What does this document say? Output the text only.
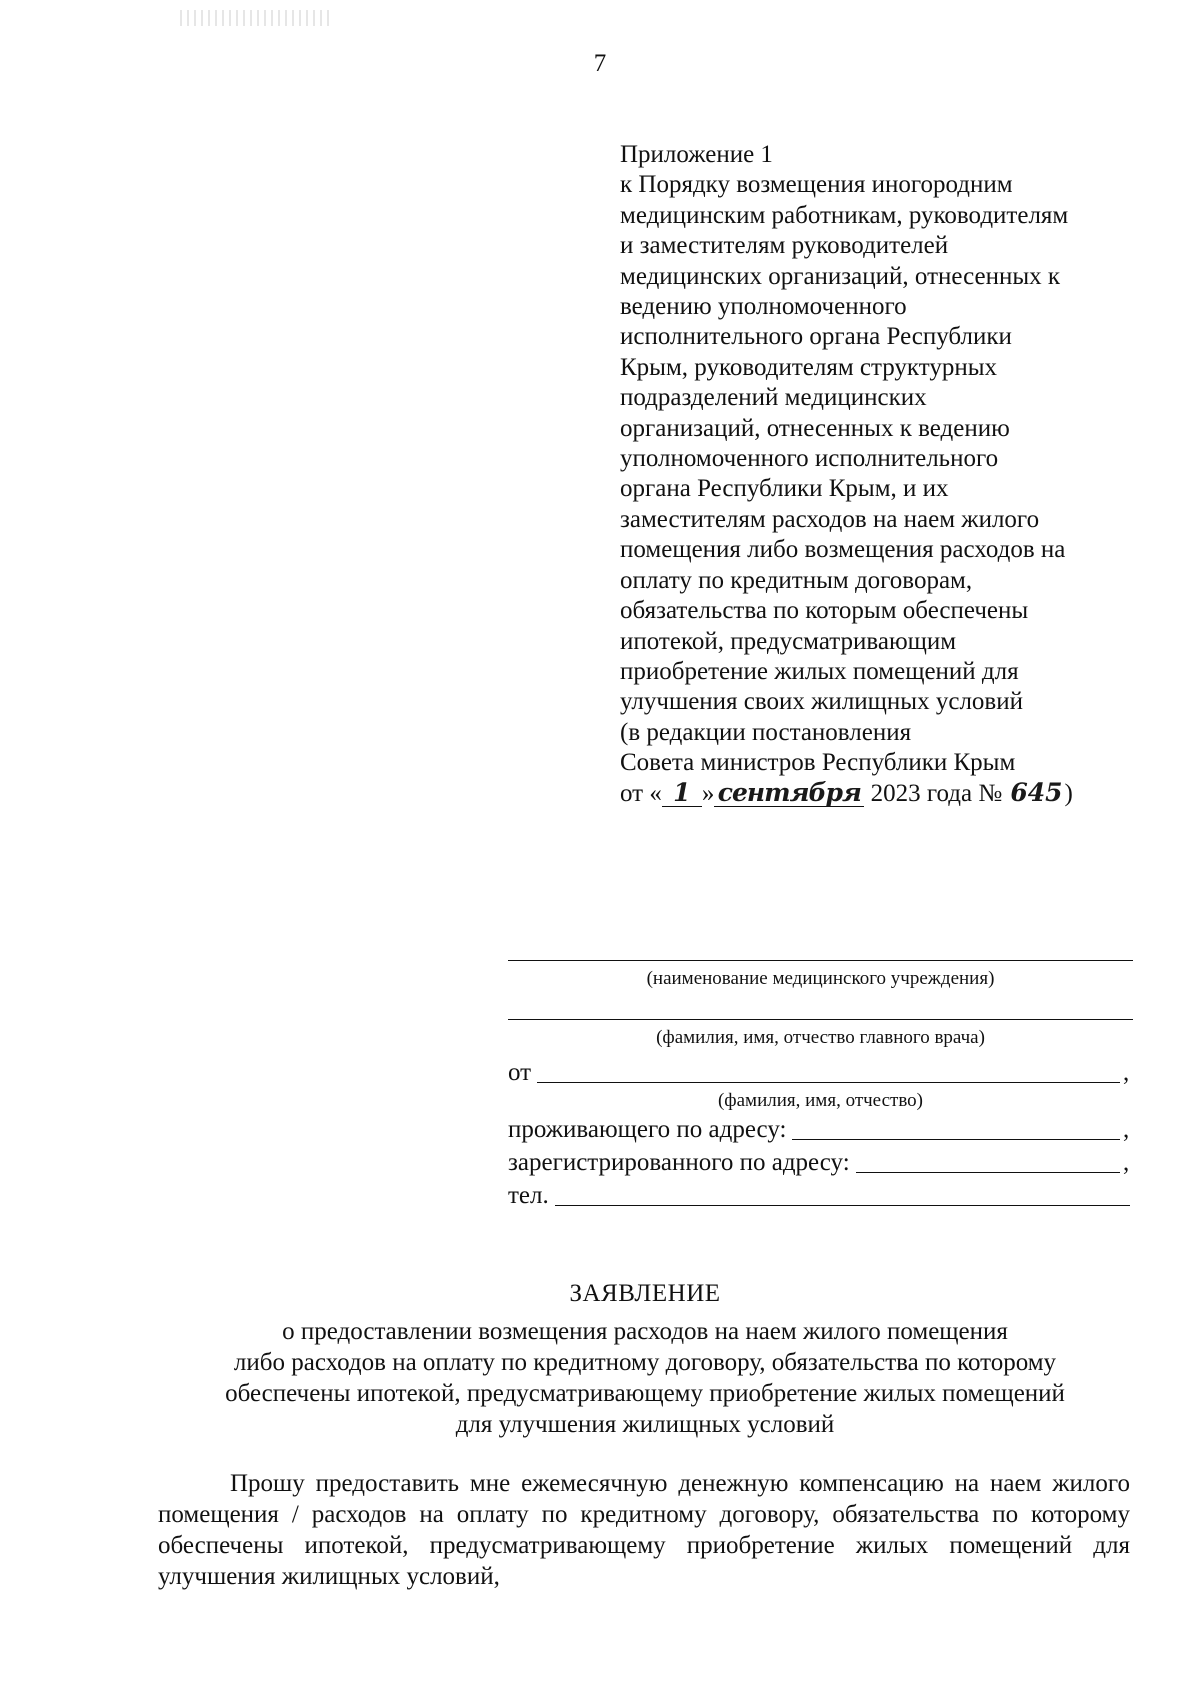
7
Приложение 1
к Порядку возмещения иногородним
медицинским работникам, руководителям
и заместителям руководителей
медицинских организаций, отнесенных к
ведению уполномоченного
исполнительного органа Республики
Крым, руководителям структурных
подразделений медицинских
организаций, отнесенных к ведению
уполномоченного исполнительного
органа Республики Крым, и их
заместителям расходов на наем жилого
помещения либо возмещения расходов на
оплату по кредитным договорам,
обязательства по которым обеспечены
ипотекой, предусматривающим
приобретение жилых помещений для
улучшения своих жилищных условий
(в редакции постановления
Совета министров Республики Крым
от « 1 » сентября 2023 года № 645)
(наименование медицинского учреждения)
(фамилия, имя, отчество главного врача)
от	,
(фамилия, имя, отчество)
проживающего по адресу:	,
зарегистрированного по адресу:	,
тел.
ЗАЯВЛЕНИЕ
о предоставлении возмещения расходов на наем жилого помещения
либо расходов на оплату по кредитному договору, обязательства по которому
обеспечены ипотекой, предусматривающему приобретение жилых помещений
для улучшения жилищных условий
Прошу предоставить мне ежемесячную денежную компенсацию на наем жилого помещения / расходов на оплату по кредитному договору, обязательства по которому обеспечены ипотекой, предусматривающему приобретение жилых помещений для улучшения жилищных условий,
